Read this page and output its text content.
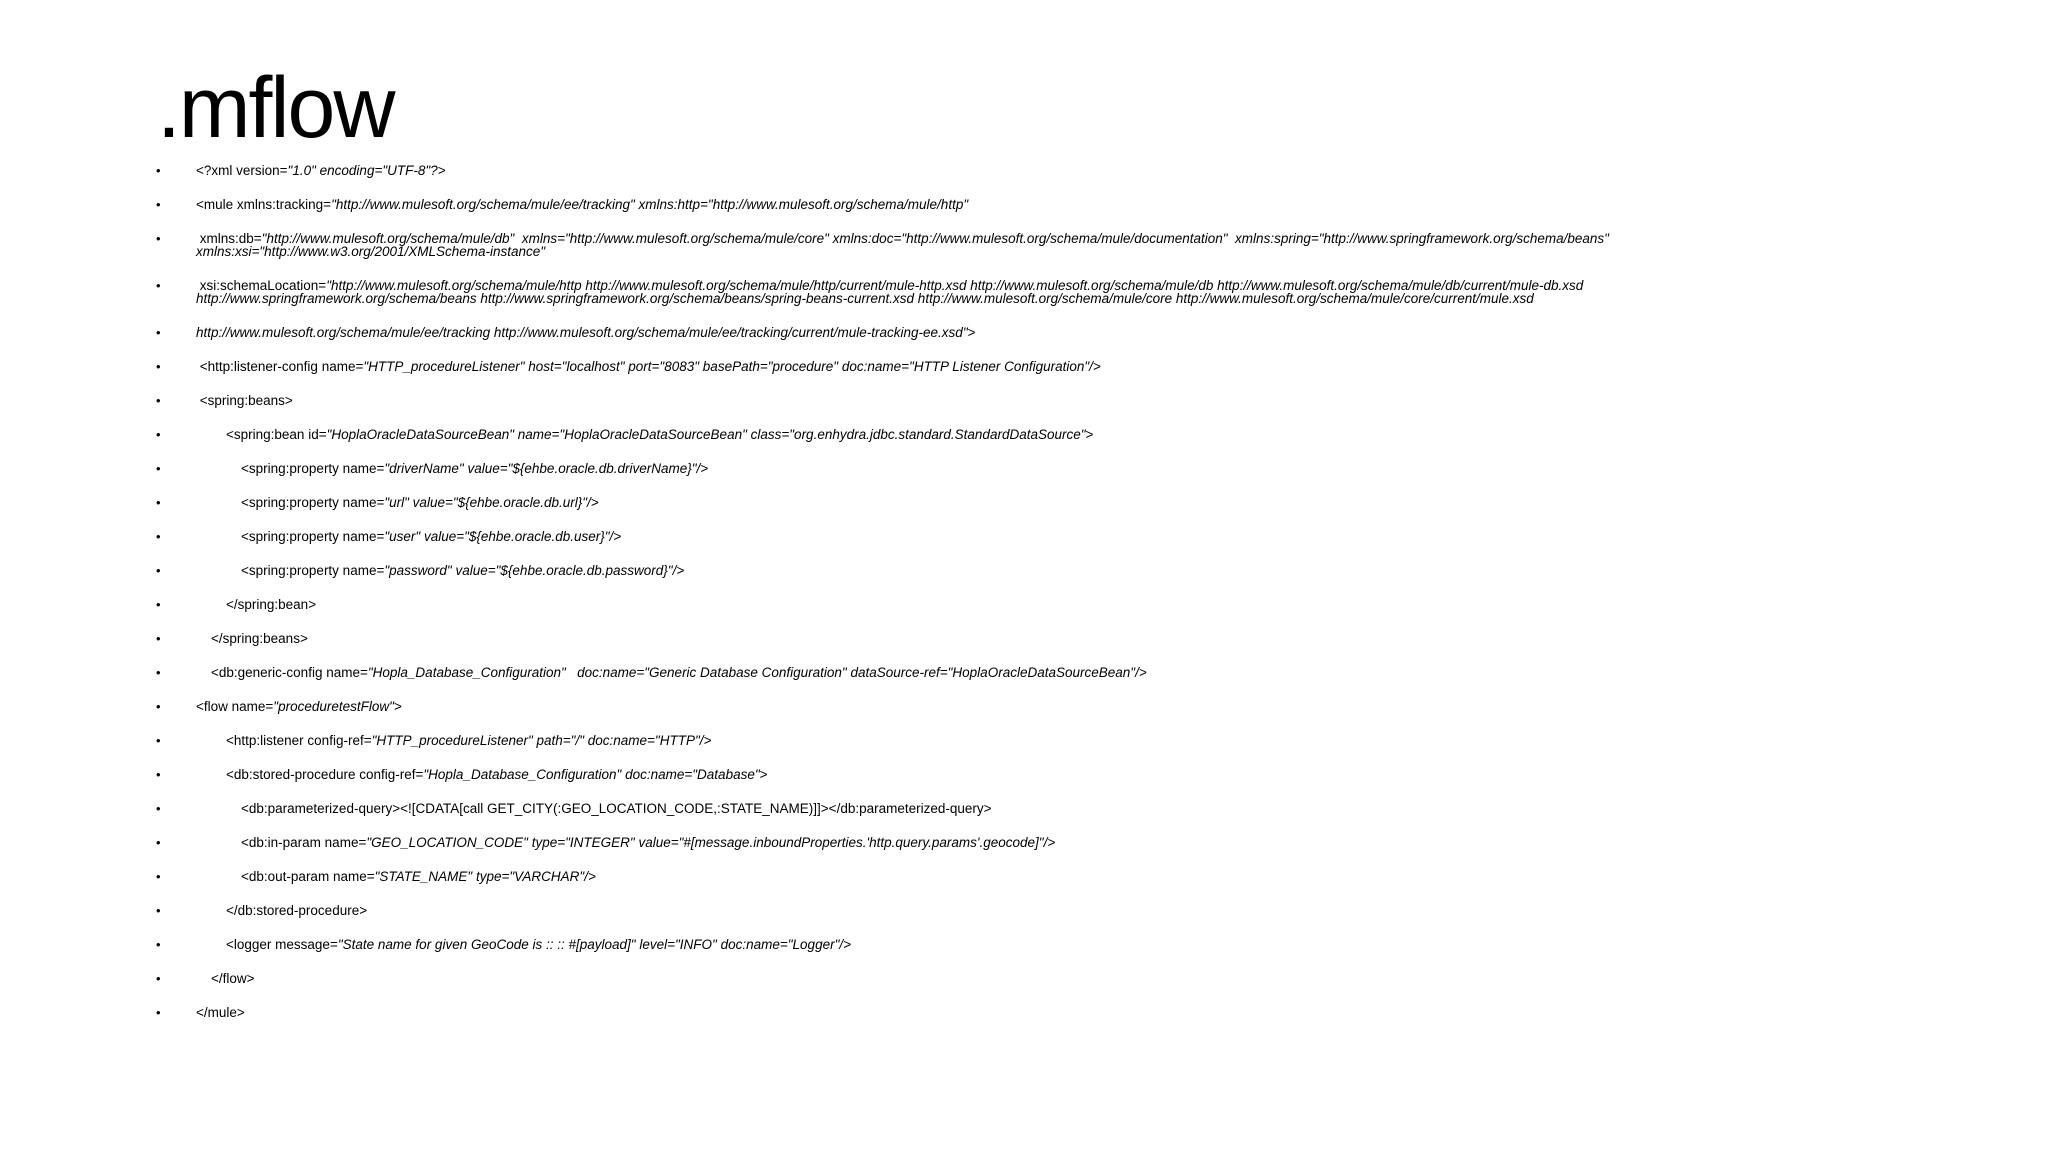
.mflow
•	<?xml version="1.0" encoding="UTF-8"?>
•	<mule xmlns:tracking="http://www.mulesoft.org/schema/mule/ee/tracking" xmlns:http="http://www.mulesoft.org/schema/mule/http"
•	xmlns:db="http://www.mulesoft.org/schema/mule/db"  xmlns="http://www.mulesoft.org/schema/mule/core" xmlns:doc="http://www.mulesoft.org/schema/mule/documentation"  xmlns:spring="http://www.springframework.org/schema/beans"
xmlns:xsi="http://www.w3.org/2001/XMLSchema-instance"
•	xsi:schemaLocation="http://www.mulesoft.org/schema/mule/http http://www.mulesoft.org/schema/mule/http/current/mule-http.xsd http://www.mulesoft.org/schema/mule/db http://www.mulesoft.org/schema/mule/db/current/mule-db.xsd
http://www.springframework.org/schema/beans http://www.springframework.org/schema/beans/spring-beans-current.xsd http://www.mulesoft.org/schema/mule/core http://www.mulesoft.org/schema/mule/core/current/mule.xsd
•	http://www.mulesoft.org/schema/mule/ee/tracking http://www.mulesoft.org/schema/mule/ee/tracking/current/mule-tracking-ee.xsd">
•	<http:listener-config name="HTTP_procedureListener" host="localhost" port="8083" basePath="procedure" doc:name="HTTP Listener Configuration"/>
•	<spring:beans>
•	<spring:bean id="HoplaOracleDataSourceBean" name="HoplaOracleDataSourceBean" class="org.enhydra.jdbc.standard.StandardDataSource">
•	<spring:property name="driverName" value="${ehbe.oracle.db.driverName}"/>
•	<spring:property name="url" value="${ehbe.oracle.db.url}"/>
•	<spring:property name="user" value="${ehbe.oracle.db.user}"/>
•	<spring:property name="password" value="${ehbe.oracle.db.password}"/>
•	</spring:bean>
•	</spring:beans>
•	<db:generic-config name="Hopla_Database_Configuration"   doc:name="Generic Database Configuration" dataSource-ref="HoplaOracleDataSourceBean"/>
•	<flow name="proceduretestFlow">
•	<http:listener config-ref="HTTP_procedureListener" path="/" doc:name="HTTP"/>
•	<db:stored-procedure config-ref="Hopla_Database_Configuration" doc:name="Database">
•	<db:parameterized-query><![CDATA[call GET_CITY(:GEO_LOCATION_CODE,:STATE_NAME)]]></db:parameterized-query>
•	<db:in-param name="GEO_LOCATION_CODE" type="INTEGER" value="#[message.inboundProperties.'http.query.params'.geocode]"/>
•	<db:out-param name="STATE_NAME" type="VARCHAR"/>
•	</db:stored-procedure>
•	<logger message="State name for given GeoCode is :: :: #[payload]" level="INFO" doc:name="Logger"/>
•	</flow>
•	</mule>
